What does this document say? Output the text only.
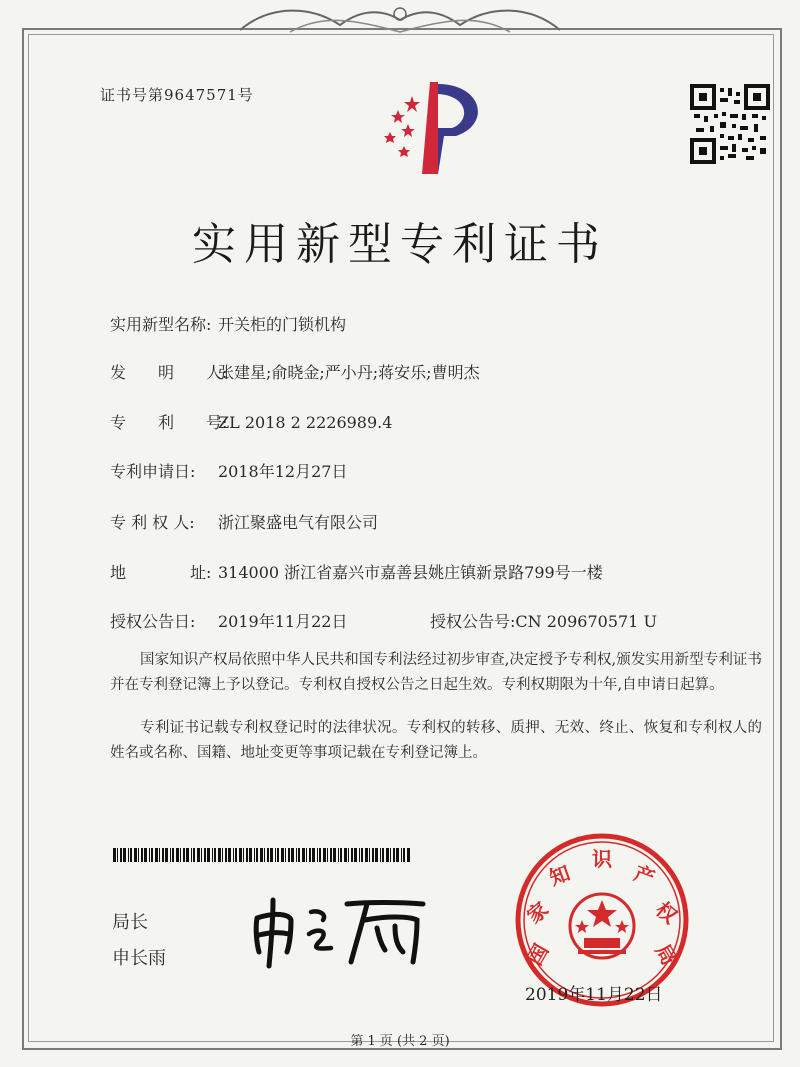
证书号第9647571号
实用新型专利证书
实用新型名称: 开关柜的门锁机构
发　　明　　人:张建星;俞晓金;严小丹;蒋安乐;曹明杰
专　　利　　号:ZL 2018 2 2226989.4
专利申请日: 2018年12月27日
专 利 权 人: 浙江聚盛电气有限公司
地　　　　址: 314000 浙江省嘉兴市嘉善县姚庄镇新景路799号一楼
授权公告日: 2019年11月22日	授权公告号:CN 209670571 U
国家知识产权局依照中华人民共和国专利法经过初步审查,决定授予专利权,颁发实用新型专利证书并在专利登记簿上予以登记。专利权自授权公告之日起生效。专利权期限为十年,自申请日起算。
专利证书记载专利权登记时的法律状况。专利权的转移、质押、无效、终止、恢复和专利权人的姓名或名称、国籍、地址变更等事项记载在专利登记簿上。
局长
申长雨	国
家
知
识
产
权
局
2019年11月22日
第 1 页 (共 2 页)
